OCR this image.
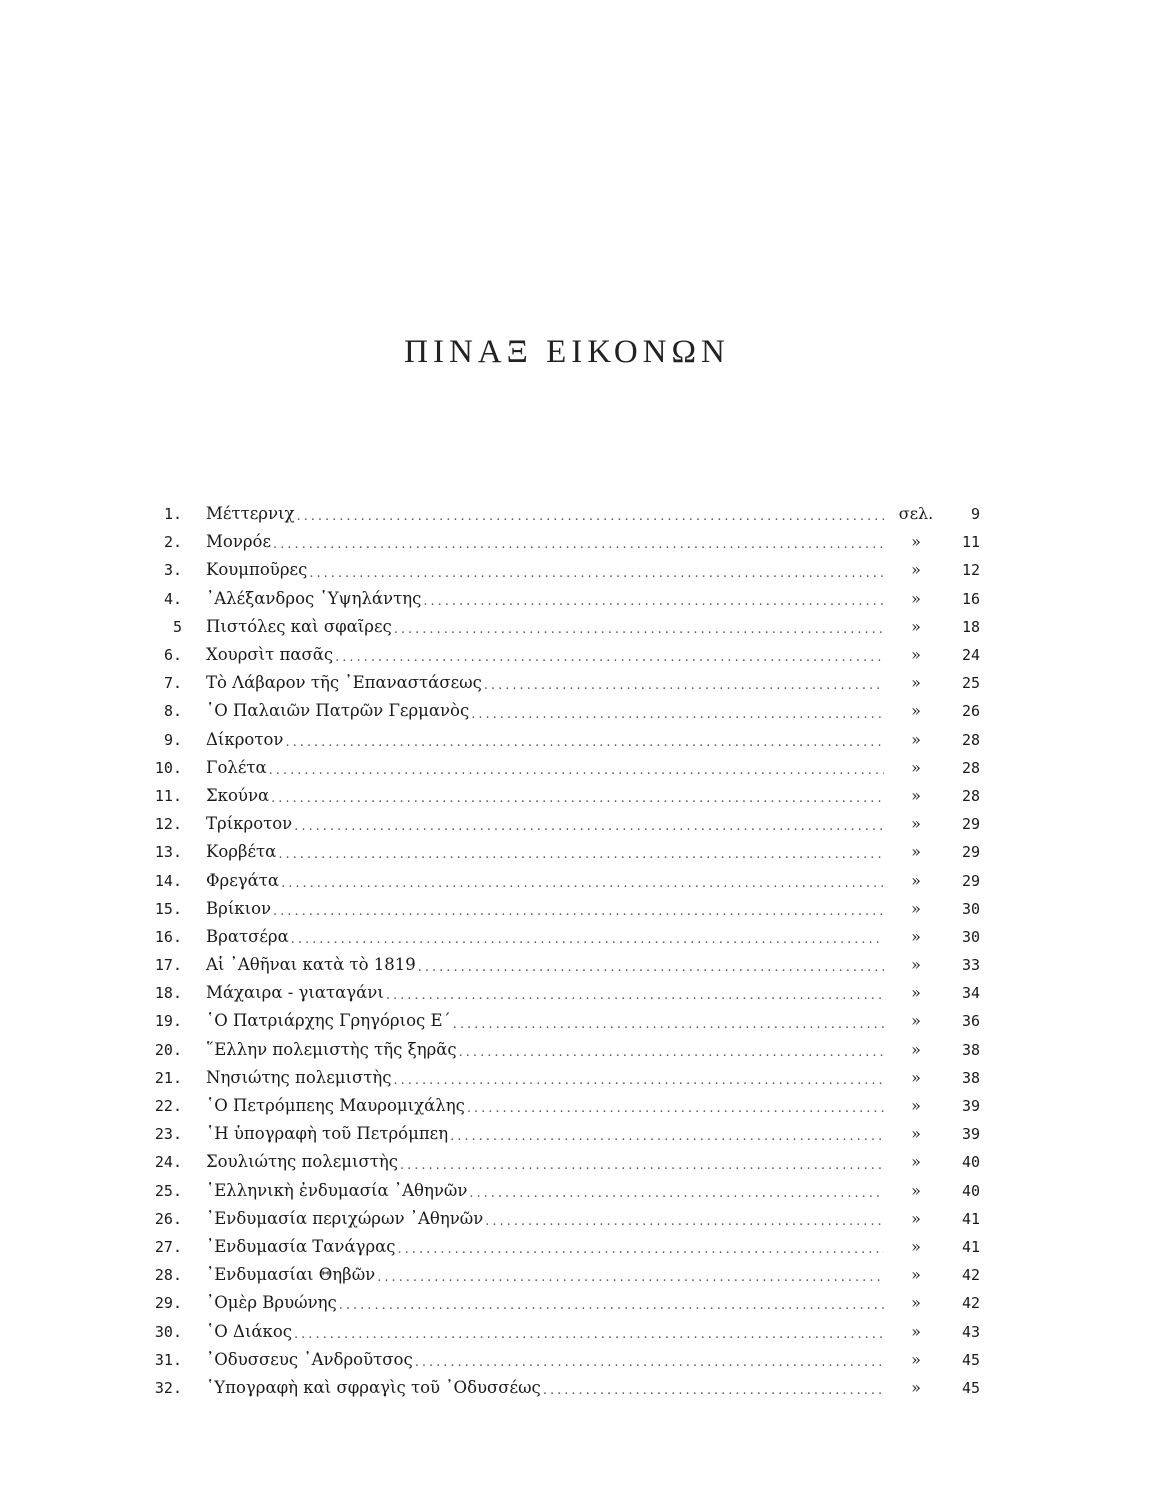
ΠΙΝΑΞ ΕΙΚΟΝΩΝ
1. Μέττερνιχ .....	σελ.	9
2. Μονρόε .....	»	11
3. Κουμποῦρες .....	»	12
4. ᾿Αλέξανδρος ῾Υψηλάντης .....	»	16
5 Πιστόλες καὶ σφαῖρες .....	»	18
6. Χουρσὶτ πασᾶς .....	»	24
7. Τὸ Λάβαρον τῆς ᾿Επαναστάσεως .....	»	25
8. ῾Ο Παλαιῶν Πατρῶν Γερμανὸς .....	»	26
9. Δίκροτον .....	»	28
10. Γολέτα .....	»	28
11. Σκούνα .....	»	28
12. Τρίκροτον .....	»	29
13. Κορβέτα .....	»	29
14. Φρεγάτα .....	»	29
15. Βρίκιον .....	»	30
16. Βρατσέρα .....	»	30
17. Αἱ ᾿Αθῆναι κατὰ τὸ 1819 .....	»	33
18. Μάχαιρα - γιαταγάνι .....	»	34
19. ῾Ο Πατριάρχης Γρηγόριος Ε΄ .....	»	36
20. ῞Ελλην πολεμιστὴς τῆς ξηρᾶς .....	»	38
21. Νησιώτης πολεμιστὴς .....	»	38
22. ῾Ο Πετρόμπεης Μαυρομιχάλης .....	»	39
23. ῾Η ὑπογραφὴ τοῦ Πετρόμπεη .....	»	39
24. Σουλιώτης πολεμιστὴς .....	»	40
25. ῾Ελληνικὴ ἐνδυμασία ᾿Αθηνῶν .....	»	40
26. ᾿Ενδυμασία περιχώρων ᾿Αθηνῶν .....	»	41
27. ᾿Ενδυμασία Τανάγρας .....	»	41
28. ᾿Ενδυμασίαι Θηβῶν .....	»	42
29. ᾿Ομὲρ Βρυώνης .....	»	42
30. ῾Ο Διάκος .....	»	43
31. ᾿Οδυσσευς ᾿Ανδροῦτσος .....	»	45
32. ῾Υπογραφὴ καὶ σφραγὶς τοῦ ᾿Οδυσσέως .....	»	45
